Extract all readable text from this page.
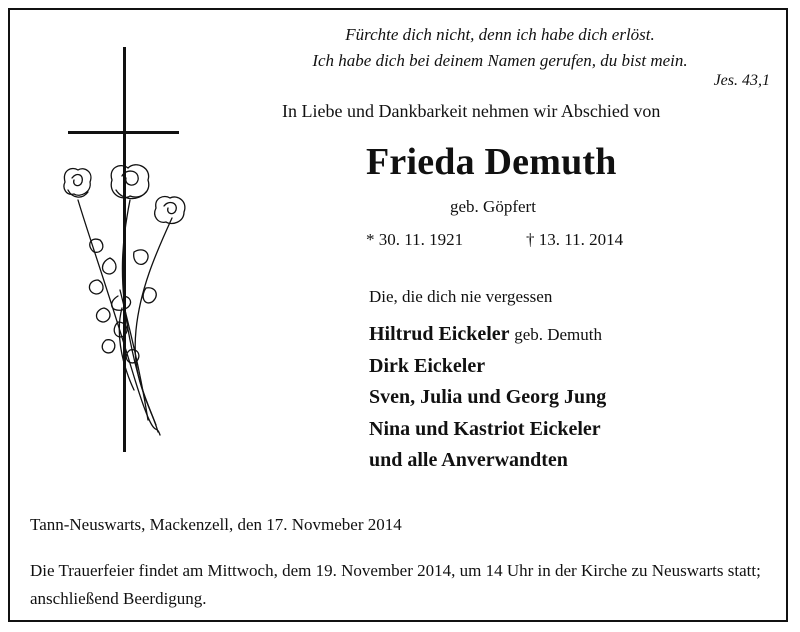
Fürchte dich nicht, denn ich habe dich erlöst.
Ich habe dich bei deinem Namen gerufen, du bist mein.
Jes. 43,1
In Liebe und Dankbarkeit nehmen wir Abschied von
Frieda Demuth
geb. Göpfert
* 30. 11. 1921	† 13. 11. 2014
Die, die dich nie vergessen
Hiltrud Eickeler geb. Demuth
Dirk Eickeler
Sven, Julia und Georg Jung
Nina und Kastriot Eickeler
und alle Anverwandten
Tann-Neuswarts, Mackenzell, den 17. Novmeber 2014
Die Trauerfeier findet am Mittwoch, dem 19. November 2014, um 14 Uhr in der Kirche zu Neuswarts statt; anschließend Beerdigung.
